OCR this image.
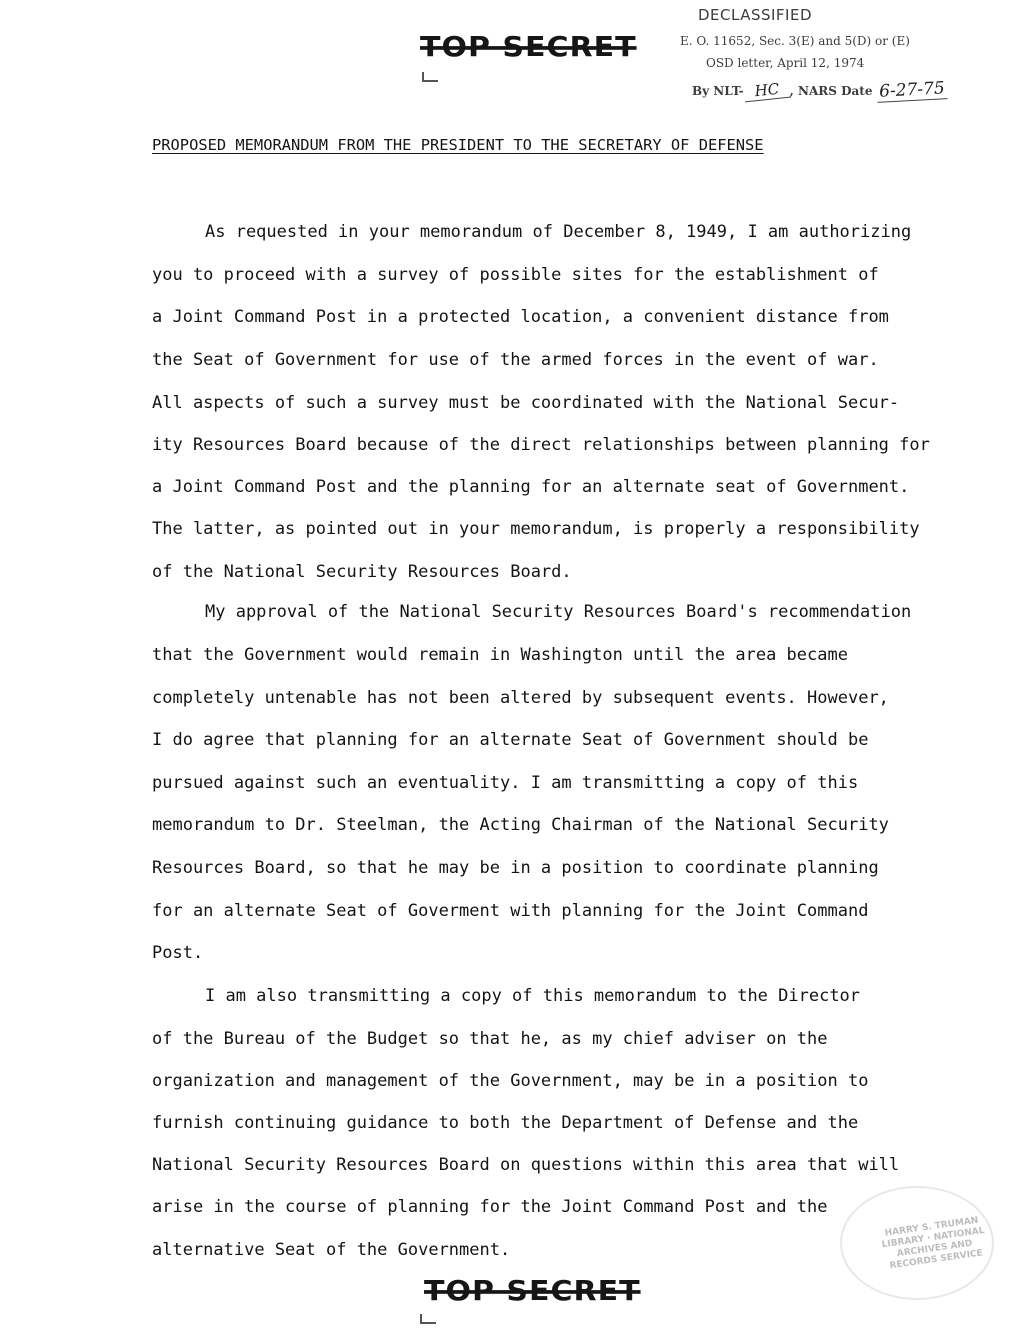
TOP SECRET
DECLASSIFIED
E. O. 11652, Sec. 3(E) and 5(D) or (E)
OSD letter, April 12, 1974
By NLT- HC , NARS Date 6-27-75
PROPOSED MEMORANDUM FROM THE PRESIDENT TO THE SECRETARY OF DEFENSE
As requested in your memorandum of December 8, 1949, I am authorizing
you to proceed with a survey of possible sites for the establishment of
a Joint Command Post in a protected location, a convenient distance from
the Seat of Government for use of the armed forces in the event of war.
All aspects of such a survey must be coordinated with the National Secur-
ity Resources Board because of the direct relationships between planning for
a Joint Command Post and the planning for an alternate seat of Government.
The latter, as pointed out in your memorandum, is properly a responsibility
of the National Security Resources Board.
My approval of the National Security Resources Board's recommendation
that the Government would remain in Washington until the area became
completely untenable has not been altered by subsequent events. However,
I do agree that planning for an alternate Seat of Government should be
pursued against such an eventuality. I am transmitting a copy of this
memorandum to Dr. Steelman, the Acting Chairman of the National Security
Resources Board, so that he may be in a position to coordinate planning
for an alternate Seat of Goverment with planning for the Joint Command
Post.
I am also transmitting a copy of this memorandum to the Director
of the Bureau of the Budget so that he, as my chief adviser on the
organization and management of the Government, may be in a position to
furnish continuing guidance to both the Department of Defense and the
National Security Resources Board on questions within this area that will
arise in the course of planning for the Joint Command Post and the
alternative Seat of the Government.
HARRY S. TRUMAN LIBRARY · NATIONAL ARCHIVES AND RECORDS SERVICE
TOP SECRET
